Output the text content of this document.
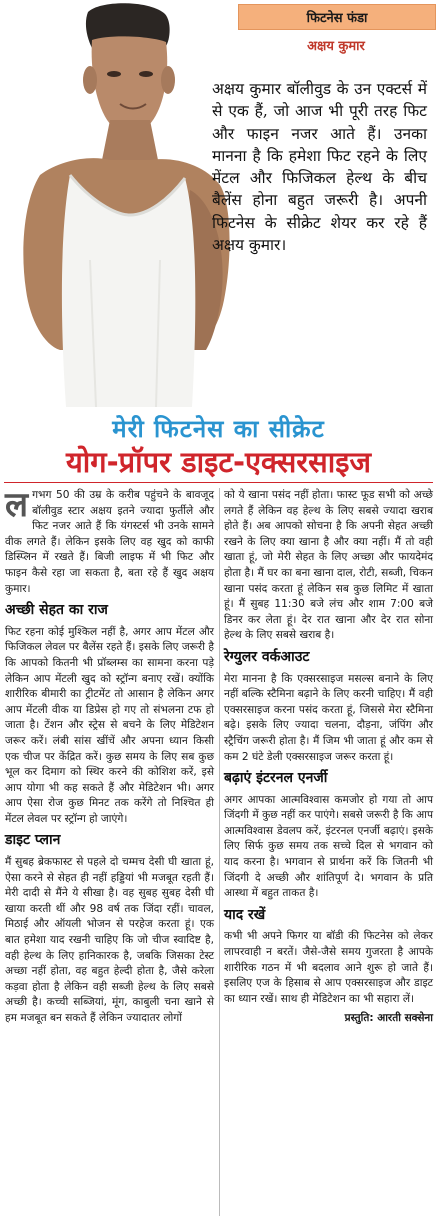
फिटनेस फंडा
अक्षय कुमार
अक्षय कुमार बॉलीवुड के उन एक्टर्स में से एक हैं, जो आज भी पूरी तरह फिट और फाइन नजर आते हैं। उनका मानना है कि हमेशा फिट रहने के लिए मेंटल और फिजिकल हेल्थ के बीच बैलेंस होना बहुत जरूरी है। अपनी फिटनेस के सीक्रेट शेयर कर रहे हैं अक्षय कुमार।
मेरी फिटनेस का सीक्रेट
योग-प्रॉपर डाइट-एक्सरसाइज
ल गभग 50 की उम्र के करीब पहुंचने के बावजूद बॉलीवुड स्टार अक्षय इतने ज्यादा फुर्तीले और फिट नजर आते हैं कि यंगस्टर्स भी उनके सामने वीक लगते हैं। लेकिन इसके लिए वह खुद को काफी डिस्प्लिन में रखते हैं। बिजी लाइफ में भी फिट और फाइन कैसे रहा जा सकता है, बता रहे हैं खुद अक्षय कुमार।

अच्छी सेहत का राज

फिट रहना कोई मुश्किल नहीं है, अगर आप मेंटल और फिजिकल लेवल पर बैलेंस रहते हैं। इसके लिए जरूरी है कि आपको कितनी भी प्रॉब्लम्स का सामना करना पड़े लेकिन आप मेंटली खुद को स्ट्रॉन्ग बनाए रखें। क्योंकि शारीरिक बीमारी का ट्रीटमेंट तो आसान है लेकिन अगर आप मेंटली वीक या डिप्रेस हो गए तो संभलना टफ हो जाता है। टेंशन और स्ट्रेस से बचने के लिए मेडिटेशन जरूर करें। लंबी सांस खींचें और अपना ध्यान किसी एक चीज पर केंद्रित करें। कुछ समय के लिए सब कुछ भूल कर दिमाग को स्थिर करने की कोशिश करें, इसे आप योगा भी कह सकते हैं और मेडिटेशन भी। अगर आप ऐसा रोज कुछ मिनट तक करेंगे तो निश्चित ही मेंटल लेवल पर स्ट्रॉन्ग हो जाएंगे।

डाइट प्लान

मैं सुबह ब्रेकफास्ट से पहले दो चम्मच देसी घी खाता हूं, ऐसा करने से सेहत ही नहीं हड्डियां भी मजबूत रहती हैं। मेरी दादी से मैंने ये सीखा है। वह सुबह सुबह देसी घी खाया करती थीं और 98 वर्ष तक जिंदा रहीं। चावल, मिठाई और ऑयली भोजन से परहेज करता हूं। एक बात हमेशा याद रखनी चाहिए कि जो चीज स्वादिष्ट है, वही हेल्थ के लिए हानिकारक है, जबकि जिसका टेस्ट अच्छा नहीं होता, वह बहुत हेल्दी होता है, जैसे करेला कड़वा होता है लेकिन वही सब्जी हेल्थ के लिए सबसे अच्छी है। कच्ची सब्जियां, मूंग, काबुली चना खाने से हम मजबूत बन सकते हैं लेकिन ज्यादातर लोगों

को ये खाना पसंद नहीं होता। फास्ट फूड सभी को अच्छे लगते हैं लेकिन वह हेल्थ के लिए सबसे ज्यादा खराब होते हैं। अब आपको सोचना है कि अपनी सेहत अच्छी रखने के लिए क्या खाना है और क्या नहीं। मैं तो वही खाता हूं, जो मेरी सेहत के लिए अच्छा और फायदेमंद होता है। मैं घर का बना खाना दाल, रोटी, सब्जी, चिकन खाना पसंद करता हूं लेकिन सब कुछ लिमिट में खाता हूं। मैं सुबह 11:30 बजे लंच और शाम 7:00 बजे डिनर कर लेता हूं। देर रात खाना और देर रात सोना हेल्थ के लिए सबसे खराब है।

रेग्युलर वर्कआउट

मेरा मानना है कि एक्सरसाइज मसल्स बनाने के लिए नहीं बल्कि स्टैमिना बढ़ाने के लिए करनी चाहिए। मैं वही एक्सरसाइज करना पसंद करता हूं, जिससे मेरा स्टैमिना बढ़े। इसके लिए ज्यादा चलना, दौड़ना, जंपिंग और स्ट्रैचिंग जरूरी होता है। मैं जिम भी जाता हूं और कम से कम 2 घंटे डेली एक्सरसाइज जरूर करता हूं।

बढ़ाएं इंटरनल एनर्जी

अगर आपका आत्मविश्वास कमजोर हो गया तो आप जिंदगी में कुछ नहीं कर पाएंगे। सबसे जरूरी है कि आप आत्मविश्वास डेवलप करें, इंटरनल एनर्जी बढ़ाएं। इसके लिए सिर्फ कुछ समय तक सच्चे दिल से भगवान को याद करना है। भगवान से प्रार्थना करें कि जितनी भी जिंदगी दे अच्छी और शांतिपूर्ण दे। भगवान के प्रति आस्था में बहुत ताकत है।

याद रखें

कभी भी अपने फिगर या बॉडी की फिटनेस को लेकर लापरवाही न बरतें। जैसे-जैसे समय गुजरता है आपके शारीरिक गठन में भी बदलाव आने शुरू हो जाते हैं। इसलिए एज के हिसाब से आप एक्सरसाइज और डाइट का ध्यान रखें। साथ ही मेडिटेशन का भी सहारा लें।

प्रस्तुति: आरती सक्सेना
